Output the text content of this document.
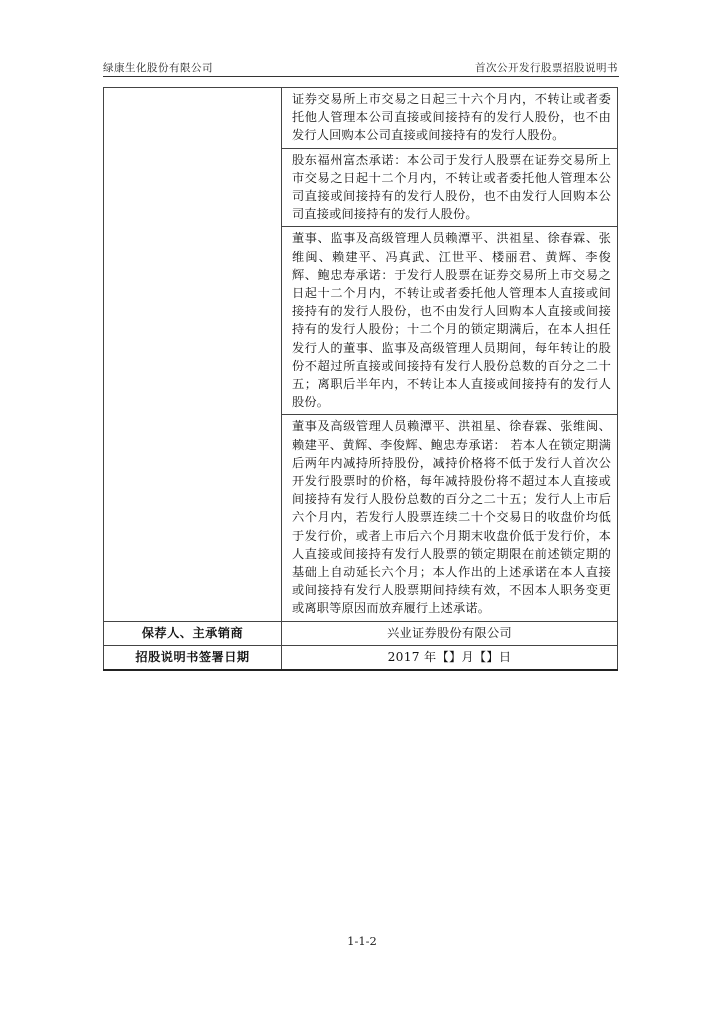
绿康生化股份有限公司	首次公开发行股票招股说明书

	证券交易所上市交易之日起三十六个月内，不转让或者委托他人管理本公司直接或间接持有的发行人股份，也不由发行人回购本公司直接或间接持有的发行人股份。

	股东福州富杰承诺：本公司于发行人股票在证券交易所上市交易之日起十二个月内，不转让或者委托他人管理本公司直接或间接持有的发行人股份，也不由发行人回购本公司直接或间接持有的发行人股份。

	董事、监事及高级管理人员赖潭平、洪祖星、徐春霖、张维闽、赖建平、冯真武、江世平、楼丽君、黄辉、李俊辉、鲍忠寿承诺：于发行人股票在证券交易所上市交易之日起十二个月内，不转让或者委托他人管理本人直接或间接持有的发行人股份，也不由发行人回购本人直接或间接持有的发行人股份；十二个月的锁定期满后，在本人担任发行人的董事、监事及高级管理人员期间，每年转让的股份不超过所直接或间接持有发行人股份总数的百分之二十五；离职后半年内，不转让本人直接或间接持有的发行人股份。

	董事及高级管理人员赖潭平、洪祖星、徐春霖、张维闽、赖建平、黄辉、李俊辉、鲍忠寿承诺： 若本人在锁定期满后两年内减持所持股份，减持价格将不低于发行人首次公开发行股票时的价格，每年减持股份将不超过本人直接或间接持有发行人股份总数的百分之二十五；发行人上市后六个月内，若发行人股票连续二十个交易日的收盘价均低于发行价，或者上市后六个月期末收盘价低于发行价，本人直接或间接持有发行人股票的锁定期限在前述锁定期的基础上自动延长六个月；本人作出的上述承诺在本人直接或间接持有发行人股票期间持续有效，不因本人职务变更或离职等原因而放弃履行上述承诺。

保荐人、主承销商	兴业证券股份有限公司

招股说明书签署日期	2017 年【】月【】日
1-1-2
